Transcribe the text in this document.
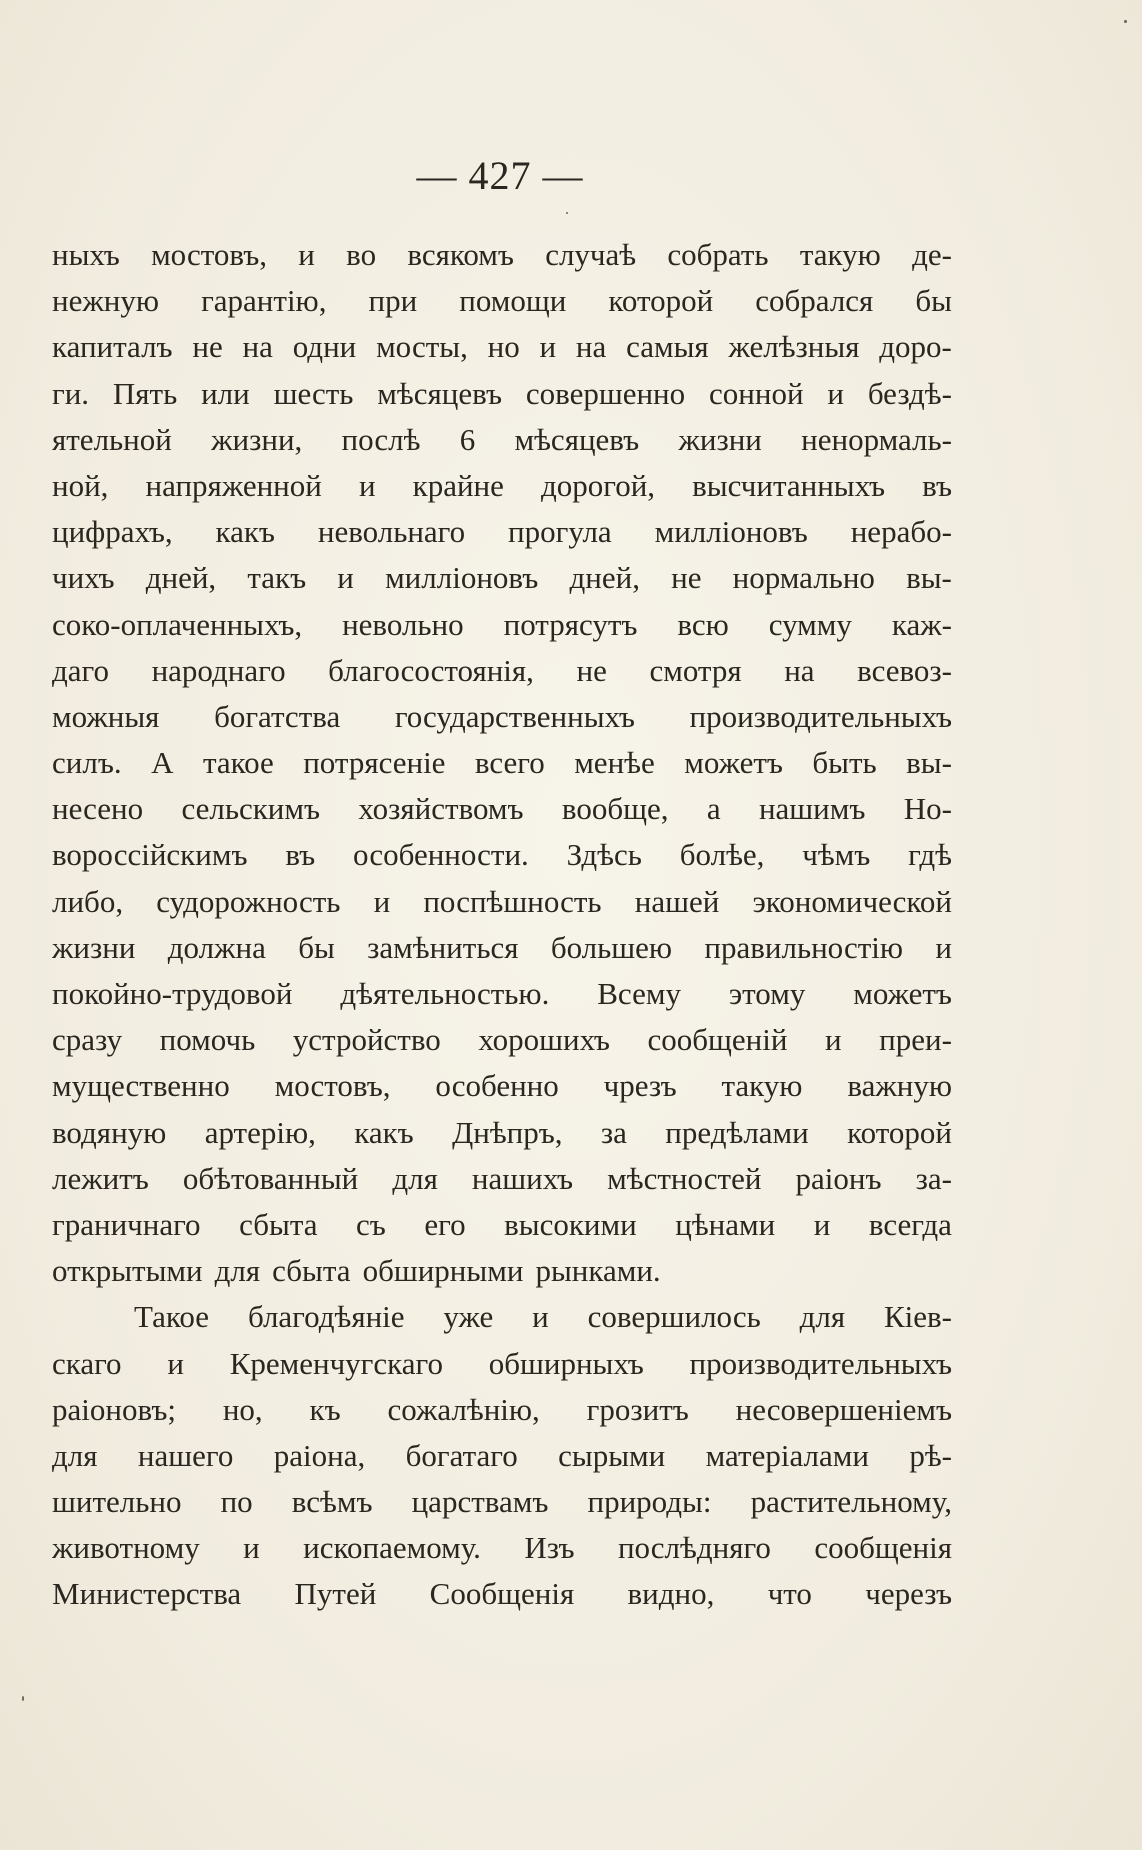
— 427 —
ныхъ мостовъ, и во всякомъ случаѣ собрать такую де-
нежную гарантію, при помощи которой собрался бы
капиталъ не на одни мосты, но и на самыя желѣзныя доро-
ги. Пять или шесть мѣсяцевъ совершенно сонной и бездѣ-
ятельной жизни, послѣ 6 мѣсяцевъ жизни ненормаль-
ной, напряженной и крайне дорогой, высчитанныхъ въ
цифрахъ, какъ невольнаго прогула милліоновъ нерабо-
чихъ дней, такъ и милліоновъ дней, не нормально вы-
соко-оплаченныхъ, невольно потрясутъ всю сумму каж-
даго народнаго благосостоянія, не смотря на всевоз-
можныя богатства государственныхъ производительныхъ
силъ. А такое потрясеніе всего менѣе можетъ быть вы-
несено сельскимъ хозяйствомъ вообще, а нашимъ Но-
вороссійскимъ въ особенности. Здѣсь болѣе, чѣмъ гдѣ
либо, судорожность и поспѣшность нашей экономической
жизни должна бы замѣниться большею правильностію и
покойно-трудовой дѣятельностью. Всему этому можетъ
сразу помочь устройство хорошихъ сообщеній и преи-
мущественно мостовъ, особенно чрезъ такую важную
водяную артерію, какъ Днѣпръ, за предѣлами которой
лежитъ обѣтованный для нашихъ мѣстностей раіонъ за-
граничнаго сбыта съ его высокими цѣнами и всегда
открытыми для сбыта обширными рынками.
Такое благодѣяніе уже и совершилось для Кіев-
скаго и Кременчугскаго обширныхъ производительныхъ
раіоновъ; но, къ сожалѣнію, грозитъ несовершеніемъ
для нашего раіона, богатаго сырыми матеріалами рѣ-
шительно по всѣмъ царствамъ природы: растительному,
животному и ископаемому. Изъ послѣдняго сообщенія
Министерства Путей Сообщенія видно, что черезъ
